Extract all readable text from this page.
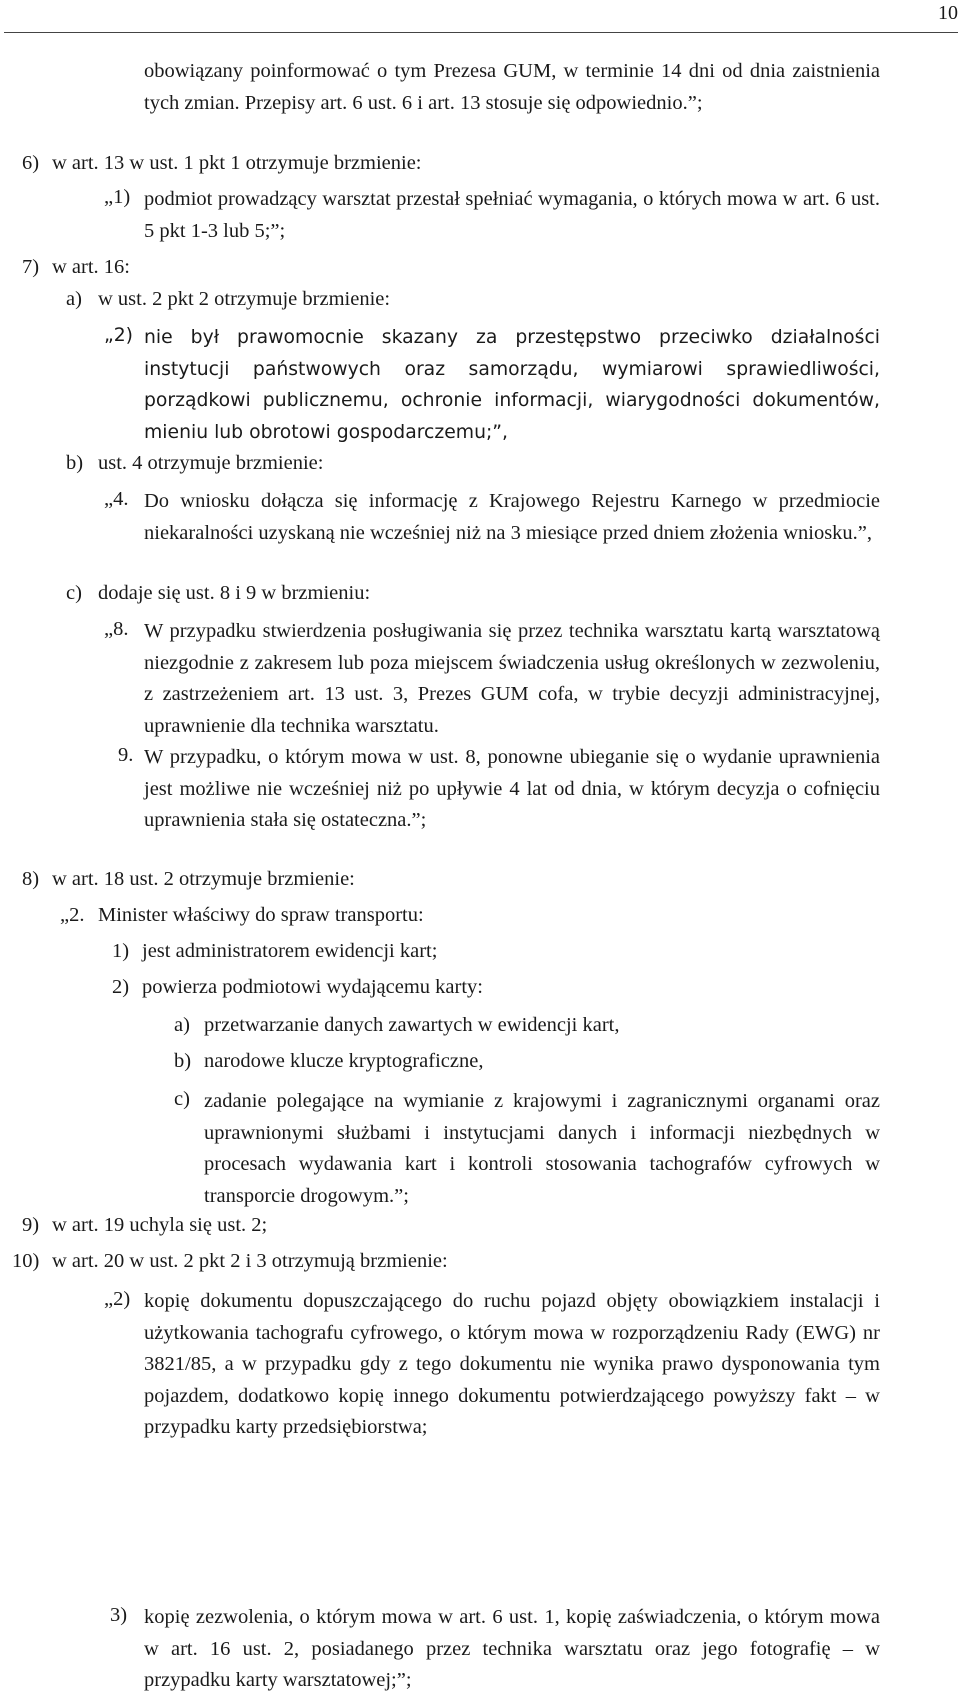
10
obowiązany poinformować o tym Prezesa GUM, w terminie 14 dni od dnia zaistnienia tych zmian. Przepisy art. 6 ust. 6 i art. 13 stosuje się odpowiednio.”;
6) w art. 13 w ust. 1 pkt 1 otrzymuje brzmienie:
„1) podmiot prowadzący warsztat przestał spełniać wymagania, o których mowa w art. 6 ust. 5 pkt 1-3 lub 5;”;
7) w art. 16:
a) w ust. 2 pkt 2 otrzymuje brzmienie:
„2) nie był prawomocnie skazany za przestępstwo przeciwko działalności instytucji państwowych oraz samorządu, wymiarowi sprawiedliwości, porządkowi publicznemu, ochronie informacji, wiarygodności dokumentów, mieniu lub obrotowi gospodarczemu;”,
b) ust. 4 otrzymuje brzmienie:
„4. Do wniosku dołącza się informację z Krajowego Rejestru Karnego w przedmiocie niekaralności uzyskaną nie wcześniej niż na 3 miesiące przed dniem złożenia wniosku.”,
c) dodaje się ust. 8 i 9 w brzmieniu:
„8. W przypadku stwierdzenia posługiwania się przez technika warsztatu kartą warsztatową niezgodnie z zakresem lub poza miejscem świadczenia usług określonych w zezwoleniu, z zastrzeżeniem art. 13 ust. 3, Prezes GUM cofa, w trybie decyzji administracyjnej, uprawnienie dla technika warsztatu.
9. W przypadku, o którym mowa w ust. 8, ponowne ubieganie się o wydanie uprawnienia jest możliwe nie wcześniej niż po upływie 4 lat od dnia, w którym decyzja o cofnięciu uprawnienia stała się ostateczna.”;
8) w art. 18 ust. 2 otrzymuje brzmienie:
„2. Minister właściwy do spraw transportu:
1) jest administratorem ewidencji kart;
2) powierza podmiotowi wydającemu karty:
a) przetwarzanie danych zawartych w ewidencji kart,
b) narodowe klucze kryptograficzne,
c) zadanie polegające na wymianie z krajowymi i zagranicznymi organami oraz uprawnionymi służbami i instytucjami danych i informacji niezbędnych w procesach wydawania kart i kontroli stosowania tachografów cyfrowych w transporcie drogowym.”;
9) w art. 19 uchyla się ust. 2;
10) w art. 20 w ust. 2 pkt 2 i 3 otrzymują brzmienie:
„2) kopię dokumentu dopuszczającego do ruchu pojazd objęty obowiązkiem instalacji i użytkowania tachografu cyfrowego, o którym mowa w rozporządzeniu Rady (EWG) nr 3821/85, a w przypadku gdy z tego dokumentu nie wynika prawo dysponowania tym pojazdem, dodatkowo kopię innego dokumentu potwierdzającego powyższy fakt – w przypadku karty przedsiębiorstwa;
3) kopię zezwolenia, o którym mowa w art. 6 ust. 1, kopię zaświadczenia, o którym mowa w art. 16 ust. 2, posiadanego przez technika warsztatu oraz jego fotografię – w przypadku karty warsztatowej;”;
